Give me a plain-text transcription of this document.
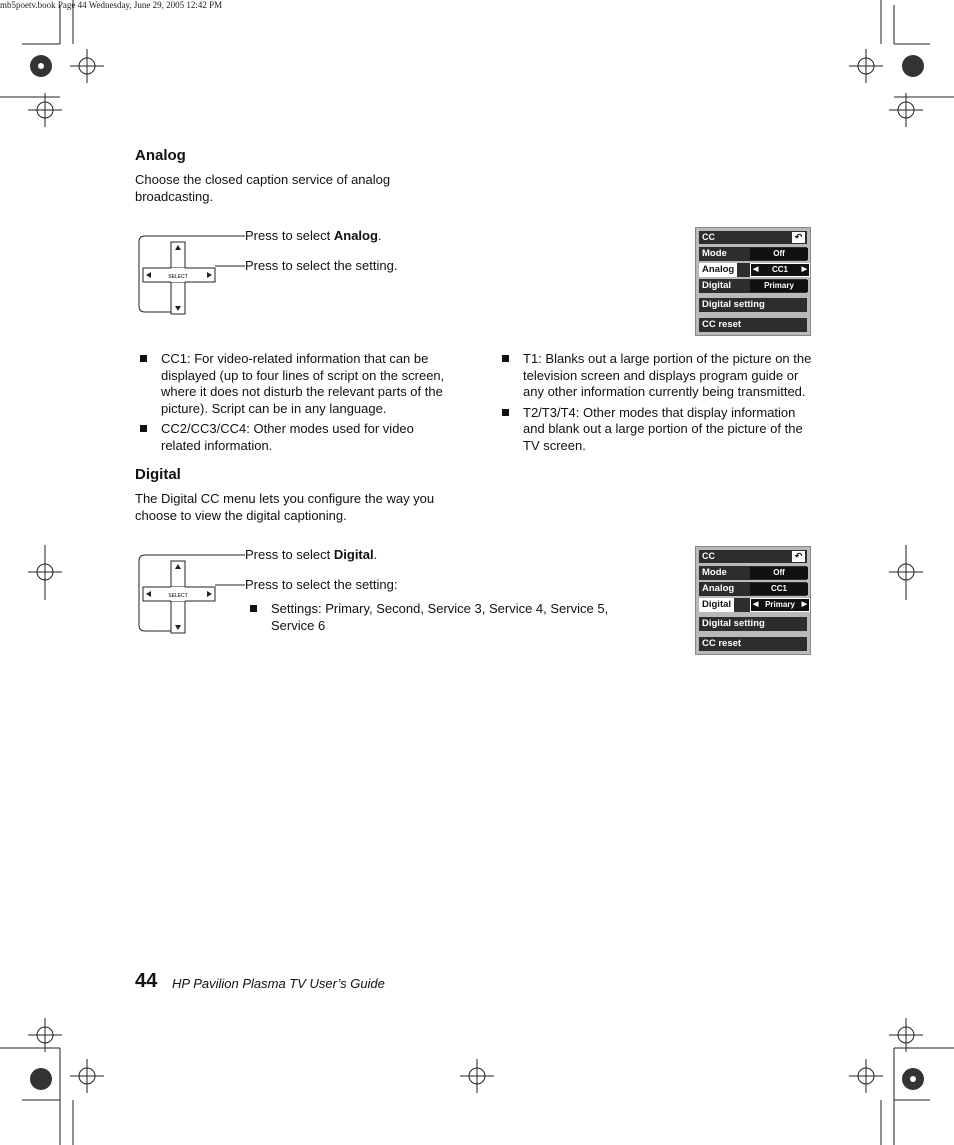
mb5poetv.book Page 44 Wednesday, June 29, 2005 12:42 PM
Analog
Choose the closed caption service of analog broadcasting.
SELECT
Press to select Analog.
Press to select the setting.
CC	↶
Mode	Off
Analog	◀ CC1 ▶
Digital	Primary
Digital setting
CC reset
CC1: For video-related information that can be displayed (up to four lines of script on the screen, where it does not disturb the relevant parts of the picture). Script can be in any language.
CC2/CC3/CC4: Other modes used for video related information.
T1: Blanks out a large portion of the picture on the television screen and displays program guide or any other information currently being transmitted.
T2/T3/T4: Other modes that display information and blank out a large portion of the picture of the TV screen.
Digital
The Digital CC menu lets you configure the way you choose to view the digital captioning.
SELECT
Press to select Digital.
Press to select the setting:
Settings: Primary, Second, Service 3, Service 4, Service 5, Service 6
CC	↶
Mode	Off
Analog	CC1
Digital	◀ Primary ▶
Digital setting
CC reset
44 HP Pavilion Plasma TV User’s Guide
